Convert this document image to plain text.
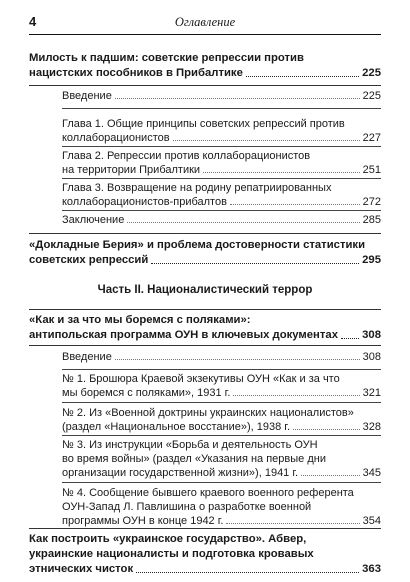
4	Оглавление
Милость к падшим: советские репрессии против
нацистских пособников в Прибалтике	225
Введение	225
Глава 1. Общие принципы советских репрессий против
коллаборационистов	227
Глава 2. Репрессии против коллаборационистов
на территории Прибалтики	251
Глава 3. Возвращение на родину репатриированных
коллаборационистов-прибалтов	272
Заключение	285
«Докладные Берия» и проблема достоверности статистики
советских репрессий	295
Часть II. Националистический террор
«Как и за что мы боремся с поляками»:
антипольская программа ОУН в ключевых документах 308
Введение	308
№ 1. Брошюра Краевой экзекутивы ОУН «Как и за что
мы боремся с поляками», 1931 г.	321
№ 2. Из «Военной доктрины украинских националистов»
(раздел «Национальное восстание»), 1938 г.	328
№ 3. Из инструкции «Борьба и деятельность ОУН
во время войны» (раздел «Указания на первые дни
организации государственной жизни»), 1941 г.	345
№ 4. Сообщение бывшего краевого военного референта
ОУН-Запад Л. Павлишина о разработке военной
программы ОУН в конце 1942 г.	354
Как построить «украинское государство». Абвер,
украинские националисты и подготовка кровавых
этнических чисток	363
